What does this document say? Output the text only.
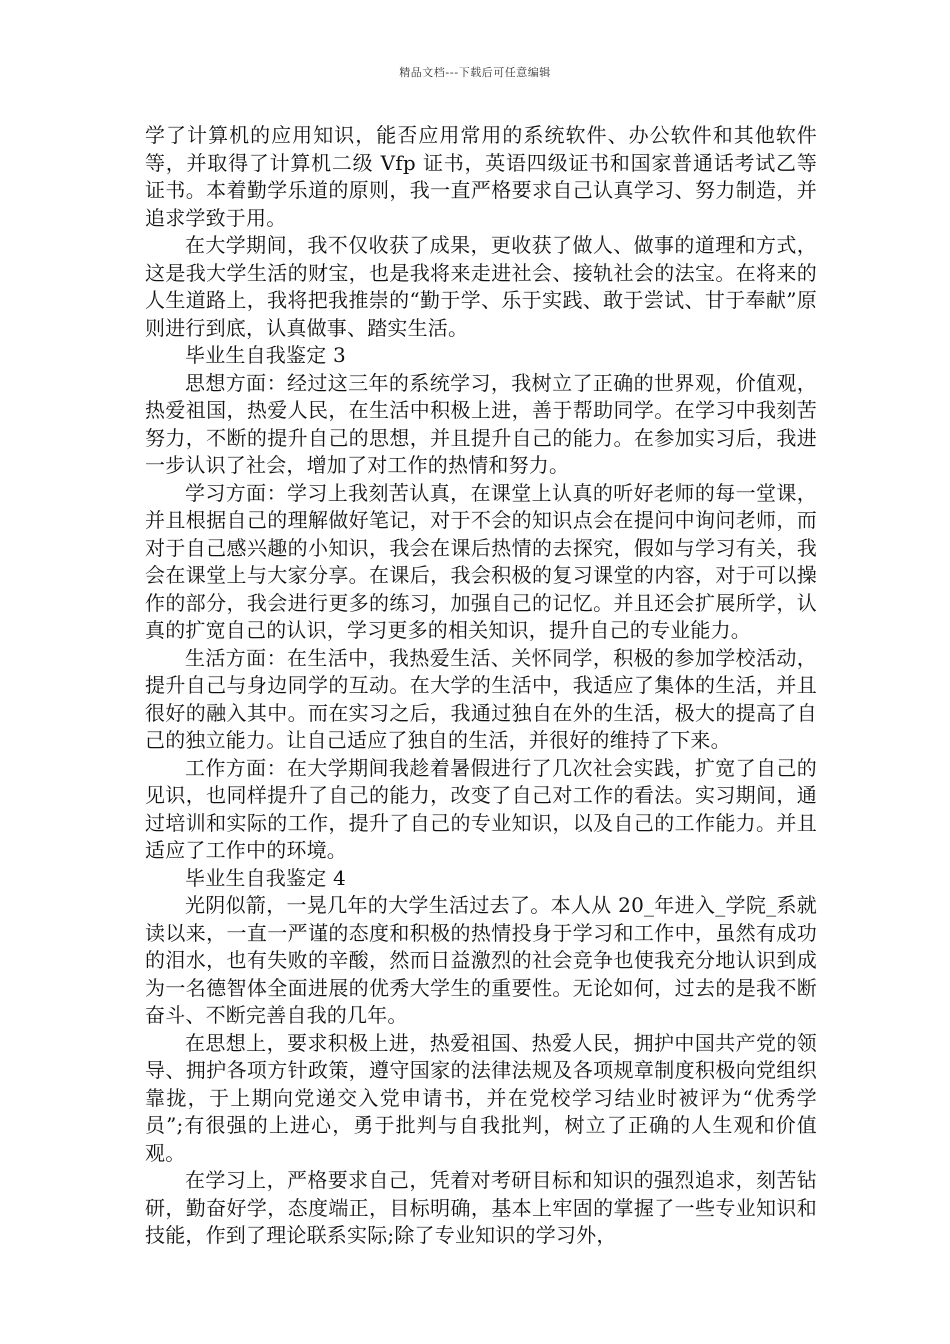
精品文档---下载后可任意编辑

学了计算机的应用知识，能否应用常用的系统软件、办公软件和其他软件等，并取得了计算机二级 Vfp 证书，英语四级证书和国家普通话考试乙等证书。本着勤学乐道的原则，我一直严格要求自己认真学习、努力制造，并追求学致于用。

在大学期间，我不仅收获了成果，更收获了做人、做事的道理和方式，这是我大学生活的财宝，也是我将来走进社会、接轨社会的法宝。在将来的人生道路上，我将把我推崇的“勤于学、乐于实践、敢于尝试、甘于奉献”原则进行到底，认真做事、踏实生活。

毕业生自我鉴定 3

思想方面：经过这三年的系统学习，我树立了正确的世界观，价值观，热爱祖国，热爱人民，在生活中积极上进，善于帮助同学。在学习中我刻苦努力，不断的提升自己的思想，并且提升自己的能力。在参加实习后，我进一步认识了社会，增加了对工作的热情和努力。

学习方面：学习上我刻苦认真，在课堂上认真的听好老师的每一堂课，并且根据自己的理解做好笔记，对于不会的知识点会在提问中询问老师，而对于自己感兴趣的小知识，我会在课后热情的去探究，假如与学习有关，我会在课堂上与大家分享。在课后，我会积极的复习课堂的内容，对于可以操作的部分，我会进行更多的练习，加强自己的记忆。并且还会扩展所学，认真的扩宽自己的认识，学习更多的相关知识，提升自己的专业能力。

生活方面：在生活中，我热爱生活、关怀同学，积极的参加学校活动，提升自己与身边同学的互动。在大学的生活中，我适应了集体的生活，并且很好的融入其中。而在实习之后，我通过独自在外的生活，极大的提高了自己的独立能力。让自己适应了独自的生活，并很好的维持了下来。

工作方面：在大学期间我趁着暑假进行了几次社会实践，扩宽了自己的见识，也同样提升了自己的能力，改变了自己对工作的看法。实习期间，通过培训和实际的工作，提升了自己的专业知识，以及自己的工作能力。并且适应了工作中的环境。

毕业生自我鉴定 4

光阴似箭，一晃几年的大学生活过去了。本人从 20_年进入_学院_系就读以来，一直一严谨的态度和积极的热情投身于学习和工作中，虽然有成功的泪水，也有失败的辛酸，然而日益激烈的社会竞争也使我充分地认识到成为一名德智体全面进展的优秀大学生的重要性。无论如何，过去的是我不断奋斗、不断完善自我的几年。

在思想上，要求积极上进，热爱祖国、热爱人民，拥护中国共产党的领导、拥护各项方针政策，遵守国家的法律法规及各项规章制度积极向党组织靠拢，于上期向党递交入党申请书，并在党校学习结业时被评为“优秀学员”;有很强的上进心，勇于批判与自我批判，树立了正确的人生观和价值观。

在学习上，严格要求自己，凭着对考研目标和知识的强烈追求，刻苦钻研，勤奋好学，态度端正，目标明确，基本上牢固的掌握了一些专业知识和技能，作到了理论联系实际;除了专业知识的学习外，
